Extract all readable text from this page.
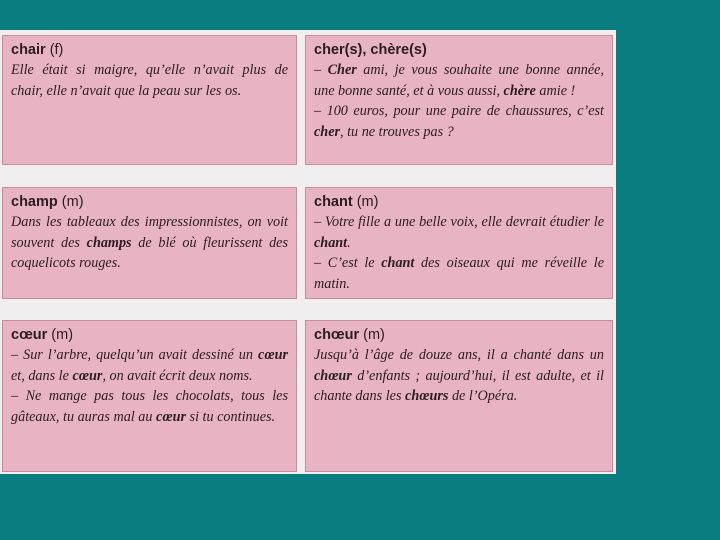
chair (f)

Elle était si maigre, qu’elle n’avait plus de chair, elle n’avait que la peau sur les os.

cher(s), chère(s)

– Cher ami, je vous souhaite une bonne année, une bonne santé, et à vous aussi, chère amie !

– 100 euros, pour une paire de chaussures, c’est cher, tu ne trouves pas ?

champ (m)

Dans les tableaux des impressionnistes, on voit souvent des champs de blé où fleurissent des coquelicots rouges.

chant (m)

– Votre fille a une belle voix, elle devrait étudier le chant.

– C’est le chant des oiseaux qui me réveille le matin.

cœur (m)

– Sur l’arbre, quelqu’un avait dessiné un cœur et, dans le cœur, on avait écrit deux noms.

– Ne mange pas tous les chocolats, tous les gâteaux, tu auras mal au cœur si tu continues.

chœur (m)

Jusqu’à l’âge de douze ans, il a chanté dans un chœur d’enfants ; aujourd’hui, il est adulte, et il chante dans les chœurs de l’Opéra.
